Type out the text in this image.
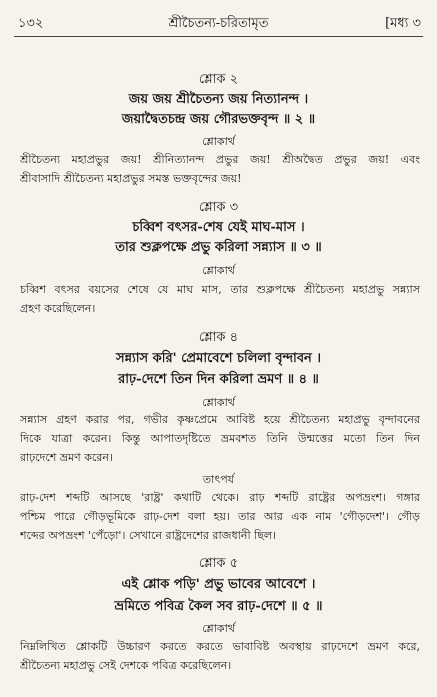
১৩২	শ্রীচৈতন্য-চরিতামৃত	[মধ্য ৩
শ্লোক ২
জয় জয় শ্রীচৈতন্য জয় নিত্যানন্দ ।
জয়াদ্বৈতচন্দ্র জয় গৌরভক্তবৃন্দ ॥ ২ ॥
শ্লোকার্থ
শ্রীচৈতন্য মহাপ্রভুর জয়! শ্রীনিত্যানন্দ প্রভুর জয়! শ্রীঅদ্বৈত প্রভুর জয়! এবং
শ্রীবাসাদি শ্রীচৈতন্য মহাপ্রভুর সমস্ত ভক্তবৃন্দের জয়!
শ্লোক ৩
চব্বিশ বৎসর-শেষ যেই মাঘ-মাস ।
তার শুক্লপক্ষে প্রভু করিলা সন্ন্যাস ॥ ৩ ॥
শ্লোকার্থ
চব্বিশ বৎসর বয়সের শেষে যে মাঘ মাস, তার শুক্লপক্ষে শ্রীচৈতন্য মহাপ্রভু সন্ন্যাস
গ্রহণ করেছিলেন।
শ্লোক ৪
সন্ন্যাস করি' প্রেমাবেশে চলিলা বৃন্দাবন ।
রাঢ়-দেশে তিন দিন করিলা ভ্রমণ ॥ ৪ ॥
শ্লোকার্থ
সন্ন্যাস গ্রহণ করার পর, গভীর কৃষ্ণপ্রেমে আবিষ্ট হয়ে শ্রীচৈতন্য মহাপ্রভু বৃন্দাবনের
দিকে যাত্রা করেন। কিন্তু আপাতদৃষ্টিতে ভ্রমবশত তিনি উন্মত্তের মতো তিন দিন
রাঢ়দেশে ভ্রমণ করেন।
তাৎপর্য
রাঢ়-দেশ শব্দটি আসছে 'রাষ্ট্র' কথাটি থেকে। রাঢ় শব্দটি রাষ্ট্রের অপভ্রংশ। গঙ্গার
পশ্চিম পারে গৌড়ভূমিকে রাঢ়-দেশ বলা হয়। তার আর এক নাম 'গৌড়দেশ'। গৌড়
শব্দের অপভ্রংশ 'পেঁড়ো'। সেখানে রাষ্ট্রদেশের রাজধানী ছিল।
শ্লোক ৫
এই শ্লোক পড়ি' প্রভু ভাবের আবেশে ।
ভ্রমিতে পবিত্র কৈল সব রাঢ়-দেশে ॥ ৫ ॥
শ্লোকার্থ
নিম্নলিখিত শ্লোকটি উচ্চারণ করতে করতে ভাবাবিষ্ট অবস্থায় রাঢ়দেশে ভ্রমণ করে,
শ্রীচৈতন্য মহাপ্রভু সেই দেশকে পবিত্র করেছিলেন।
